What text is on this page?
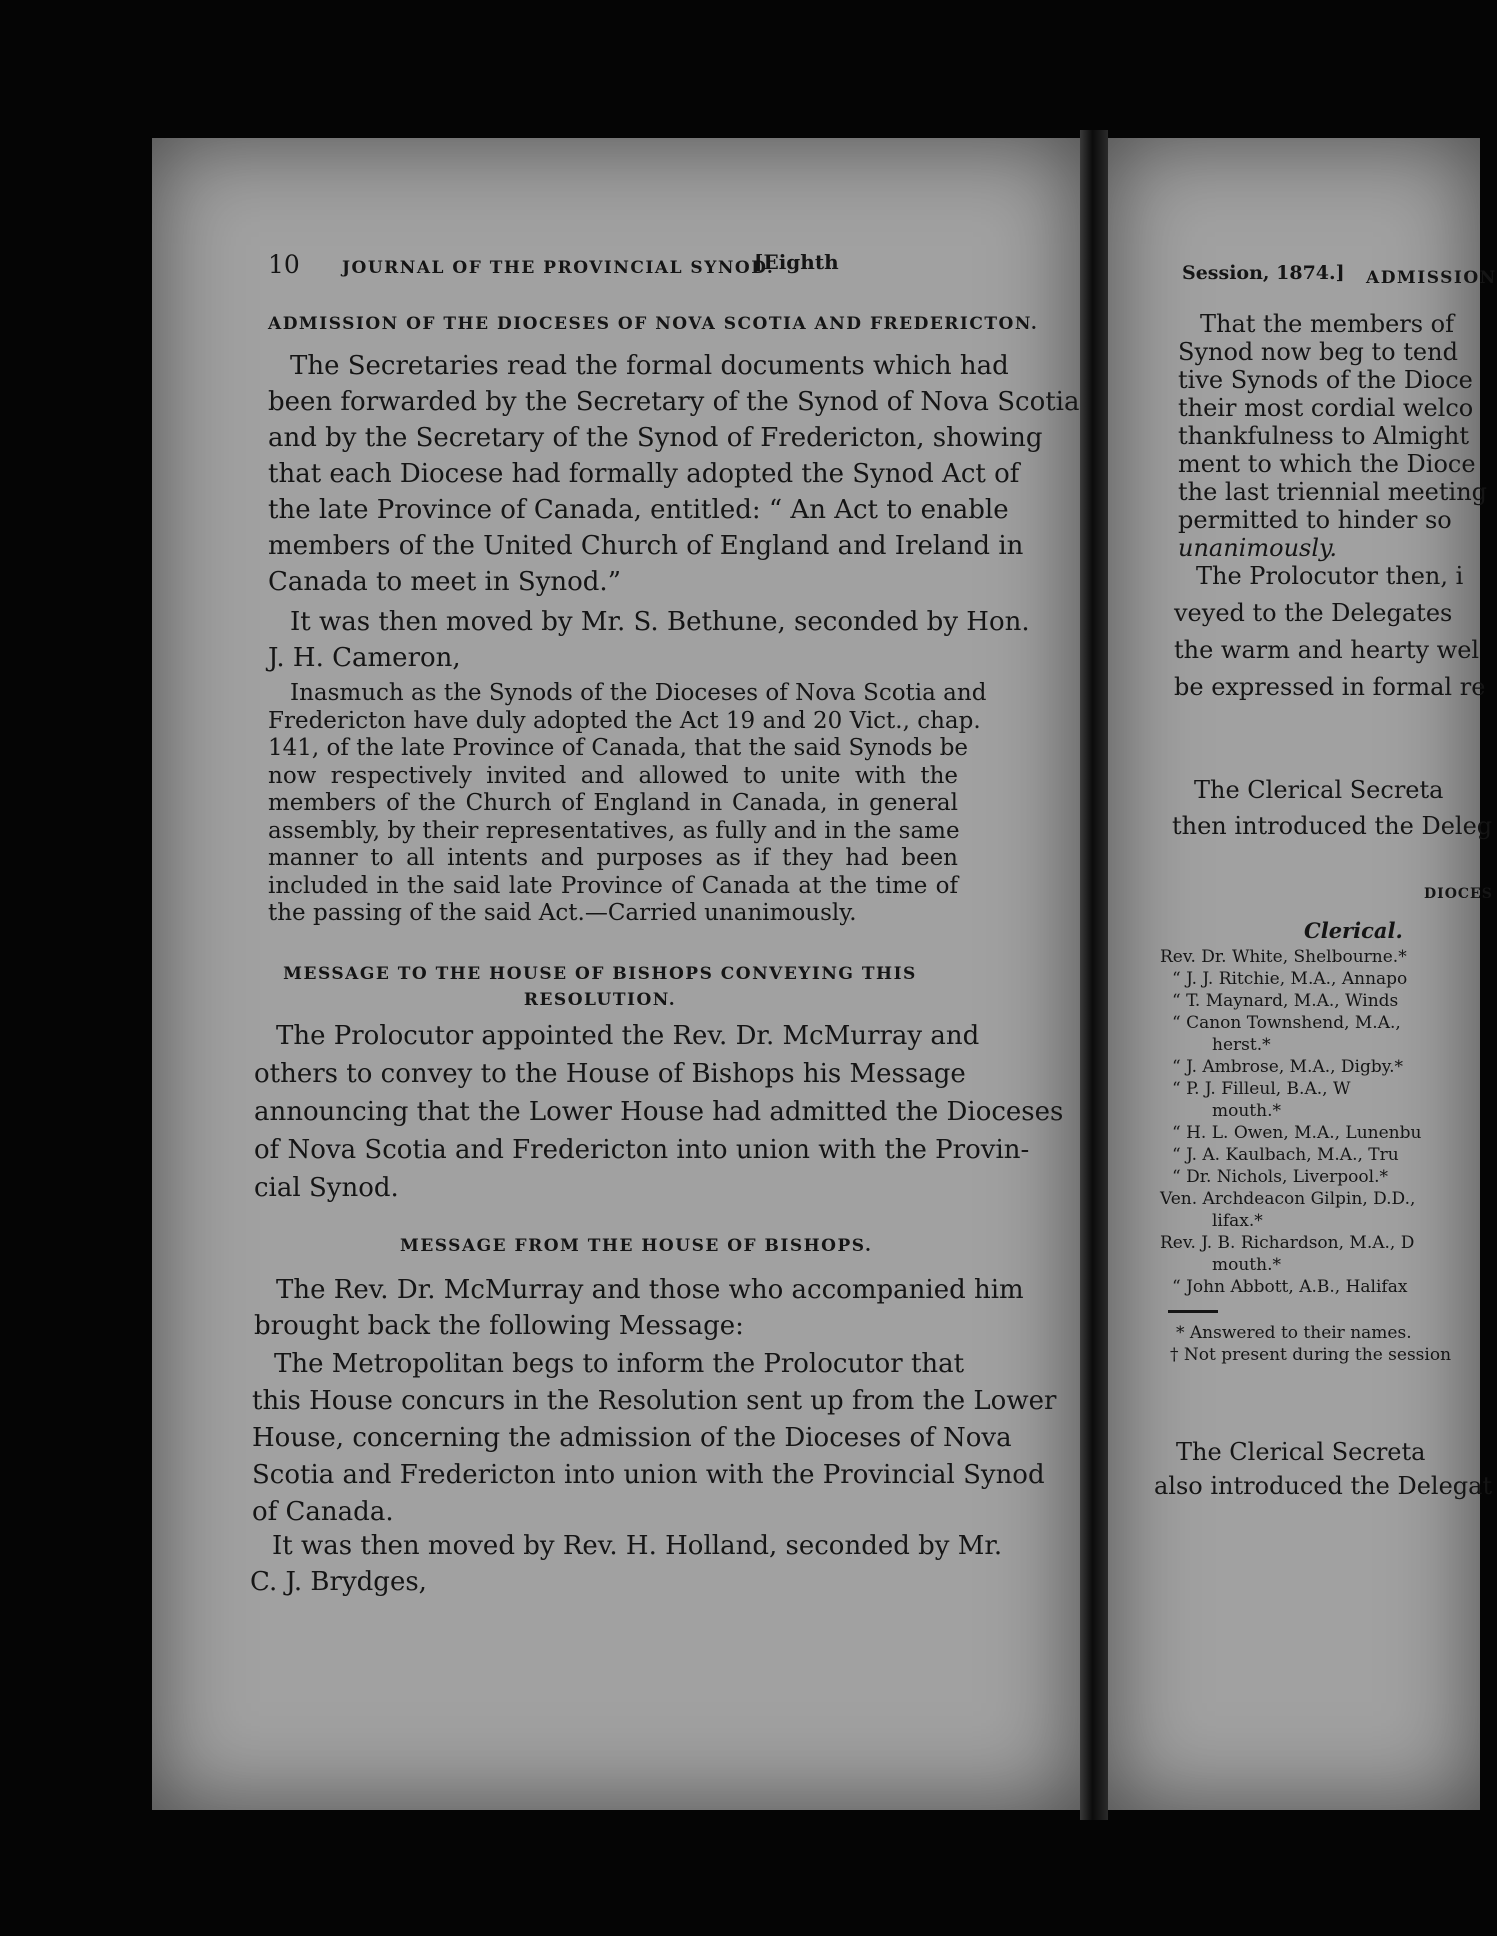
10 JOURNAL OF THE PROVINCIAL SYNOD.
[Eighth
ADMISSION OF THE DIOCESES OF NOVA SCOTIA AND FREDERICTON.
The Secretaries read the formal documents which had
been forwarded by the Secretary of the Synod of Nova Scotia
and by the Secretary of the Synod of Fredericton, showing
that each Diocese had formally adopted the Synod Act of
the late Province of Canada, entitled: “ An Act to enable
members of the United Church of England and Ireland in
Canada to meet in Synod.”
It was then moved by Mr. S. Bethune, seconded by Hon.
J. H. Cameron,
Inasmuch as the Synods of the Dioceses of Nova Scotia and
Fredericton have duly adopted the Act 19 and 20 Vict., chap.
141, of the late Province of Canada, that the said Synods be
now respectively invited and allowed to unite with the
members of the Church of England in Canada, in general
assembly, by their representatives, as fully and in the same
manner to all intents and purposes as if they had been
included in the said late Province of Canada at the time of
the passing of the said Act.—Carried unanimously.
MESSAGE TO THE HOUSE OF BISHOPS CONVEYING THIS
RESOLUTION.
The Prolocutor appointed the Rev. Dr. McMurray and
others to convey to the House of Bishops his Message
announcing that the Lower House had admitted the Dioceses
of Nova Scotia and Fredericton into union with the Provin-
cial Synod.
MESSAGE FROM THE HOUSE OF BISHOPS.
The Rev. Dr. McMurray and those who accompanied him
brought back the following Message:
The Metropolitan begs to inform the Prolocutor that
this House concurs in the Resolution sent up from the Lower
House, concerning the admission of the Dioceses of Nova
Scotia and Fredericton into union with the Provincial Synod
of Canada.
It was then moved by Rev. H. Holland, seconded by Mr.
C. J. Brydges,
Session, 1874.] ADMISSION
That the members of
Synod now beg to tend
tive Synods of the Dioce
their most cordial welco
thankfulness to Almight
ment to which the Dioce
the last triennial meeting
permitted to hinder so
unanimously.
The Prolocutor then, i
veyed to the Delegates
the warm and hearty wel
be expressed in formal re
The Clerical Secreta
then introduced the Deleg
DIOCES
Clerical.
Rev. Dr. White, Shelbourne.*
“ J. J. Ritchie, M.A., Annapo
“ T. Maynard, M.A., Winds
“ Canon Townshend, M.A.,
herst.*
“ J. Ambrose, M.A., Digby.*
“ P. J. Filleul, B.A., W
mouth.*
“ H. L. Owen, M.A., Lunenbu
“ J. A. Kaulbach, M.A., Tru
“ Dr. Nichols, Liverpool.*
Ven. Archdeacon Gilpin, D.D.,
lifax.*
Rev. J. B. Richardson, M.A., D
mouth.*
“ John Abbott, A.B., Halifax
* Answered to their names.
† Not present during the session
The Clerical Secreta
also introduced the Delegat
